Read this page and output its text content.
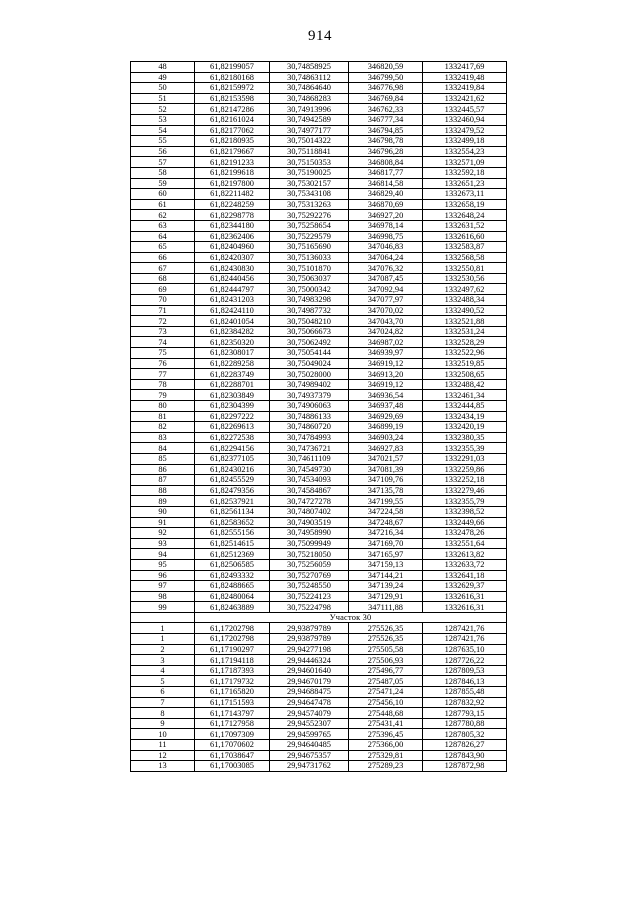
914
48	61,82199057	30,74858925	346820,59	1332417,69
49	61,82180168	30,74863112	346799,50	1332419,48
50	61,82159972	30,74864640	346776,98	1332419,84
51	61,82153598	30,74868283	346769,84	1332421,62
52	61,82147286	30,74913996	346762,33	1332445,57
53	61,82161024	30,74942589	346777,34	1332460,94
54	61,82177062	30,74977177	346794,85	1332479,52
55	61,82180935	30,75014322	346798,78	1332499,18
56	61,82179667	30,75118841	346796,28	1332554,23
57	61,82191233	30,75150353	346808,84	1332571,09
58	61,82199618	30,75190025	346817,77	1332592,18
59	61,82197800	30,75302157	346814,58	1332651,23
60	61,82211482	30,75343108	346829,40	1332673,11
61	61,82248259	30,75313263	346870,69	1332658,19
62	61,82298778	30,75292276	346927,20	1332648,24
63	61,82344180	30,75258654	346978,14	1332631,52
64	61,82362406	30,75229579	346998,75	1332616,60
65	61,82404960	30,75165690	347046,83	1332583,87
66	61,82420307	30,75136033	347064,24	1332568,58
67	61,82430830	30,75101870	347076,32	1332550,81
68	61,82440456	30,75063037	347087,45	1332530,56
69	61,82444797	30,75000342	347092,94	1332497,62
70	61,82431203	30,74983298	347077,97	1332488,34
71	61,82424110	30,74987732	347070,02	1332490,52
72	61,82401054	30,75048210	347043,70	1332521,88
73	61,82384282	30,75066673	347024,82	1332531,24
74	61,82350320	30,75062492	346987,02	1332528,29
75	61,82308017	30,75054144	346939,97	1332522,96
76	61,82289258	30,75049024	346919,12	1332519,85
77	61,82283749	30,75028000	346913,20	1332508,65
78	61,82288701	30,74989402	346919,12	1332488,42
79	61,82303849	30,74937379	346936,54	1332461,34
80	61,82304399	30,74906063	346937,48	1332444,85
81	61,82297222	30,74886133	346929,69	1332434,19
82	61,82269613	30,74860720	346899,19	1332420,19
83	61,82272538	30,74784993	346903,24	1332380,35
84	61,82294156	30,74736721	346927,83	1332355,39
85	61,82377105	30,74611109	347021,57	1332291,03
86	61,82430216	30,74549730	347081,39	1332259,86
87	61,82455529	30,74534093	347109,76	1332252,18
88	61,82479356	30,74584867	347135,78	1332279,46
89	61,82537921	30,74727278	347199,55	1332355,79
90	61,82561134	30,74807402	347224,58	1332398,52
91	61,82583652	30,74903519	347248,67	1332449,66
92	61,82555156	30,74958990	347216,34	1332478,26
93	61,82514615	30,75099949	347169,70	1332551,64
94	61,82512369	30,75218050	347165,97	1332613,82
95	61,82506585	30,75256059	347159,13	1332633,72
96	61,82493332	30,75270769	347144,21	1332641,18
97	61,82488665	30,75248550	347139,24	1332629,37
98	61,82480064	30,75224123	347129,91	1332616,31
99	61,82463889	30,75224798	347111,88	1332616,31
	Участок 30			
1	61,17202798	29,93879789	275526,35	1287421,76
1	61,17202798	29,93879789	275526,35	1287421,76
2	61,17190297	29,94277198	275505,58	1287635,10
3	61,17194118	29,94446324	275506,93	1287726,22
4	61,17187393	29,94601640	275496,77	1287809,53
5	61,17179732	29,94670179	275487,05	1287846,13
6	61,17165820	29,94688475	275471,24	1287855,48
7	61,17151593	29,94647478	275456,10	1287832,92
8	61,17143797	29,94574079	275448,68	1287793,15
9	61,17127958	29,94552307	275431,41	1287780,88
10	61,17097309	29,94599765	275396,45	1287805,32
11	61,17070602	29,94640485	275366,00	1287826,27
12	61,17038647	29,94675357	275329,81	1287843,90
13	61,17003085	29,94731762	275289,23	1287872,98
